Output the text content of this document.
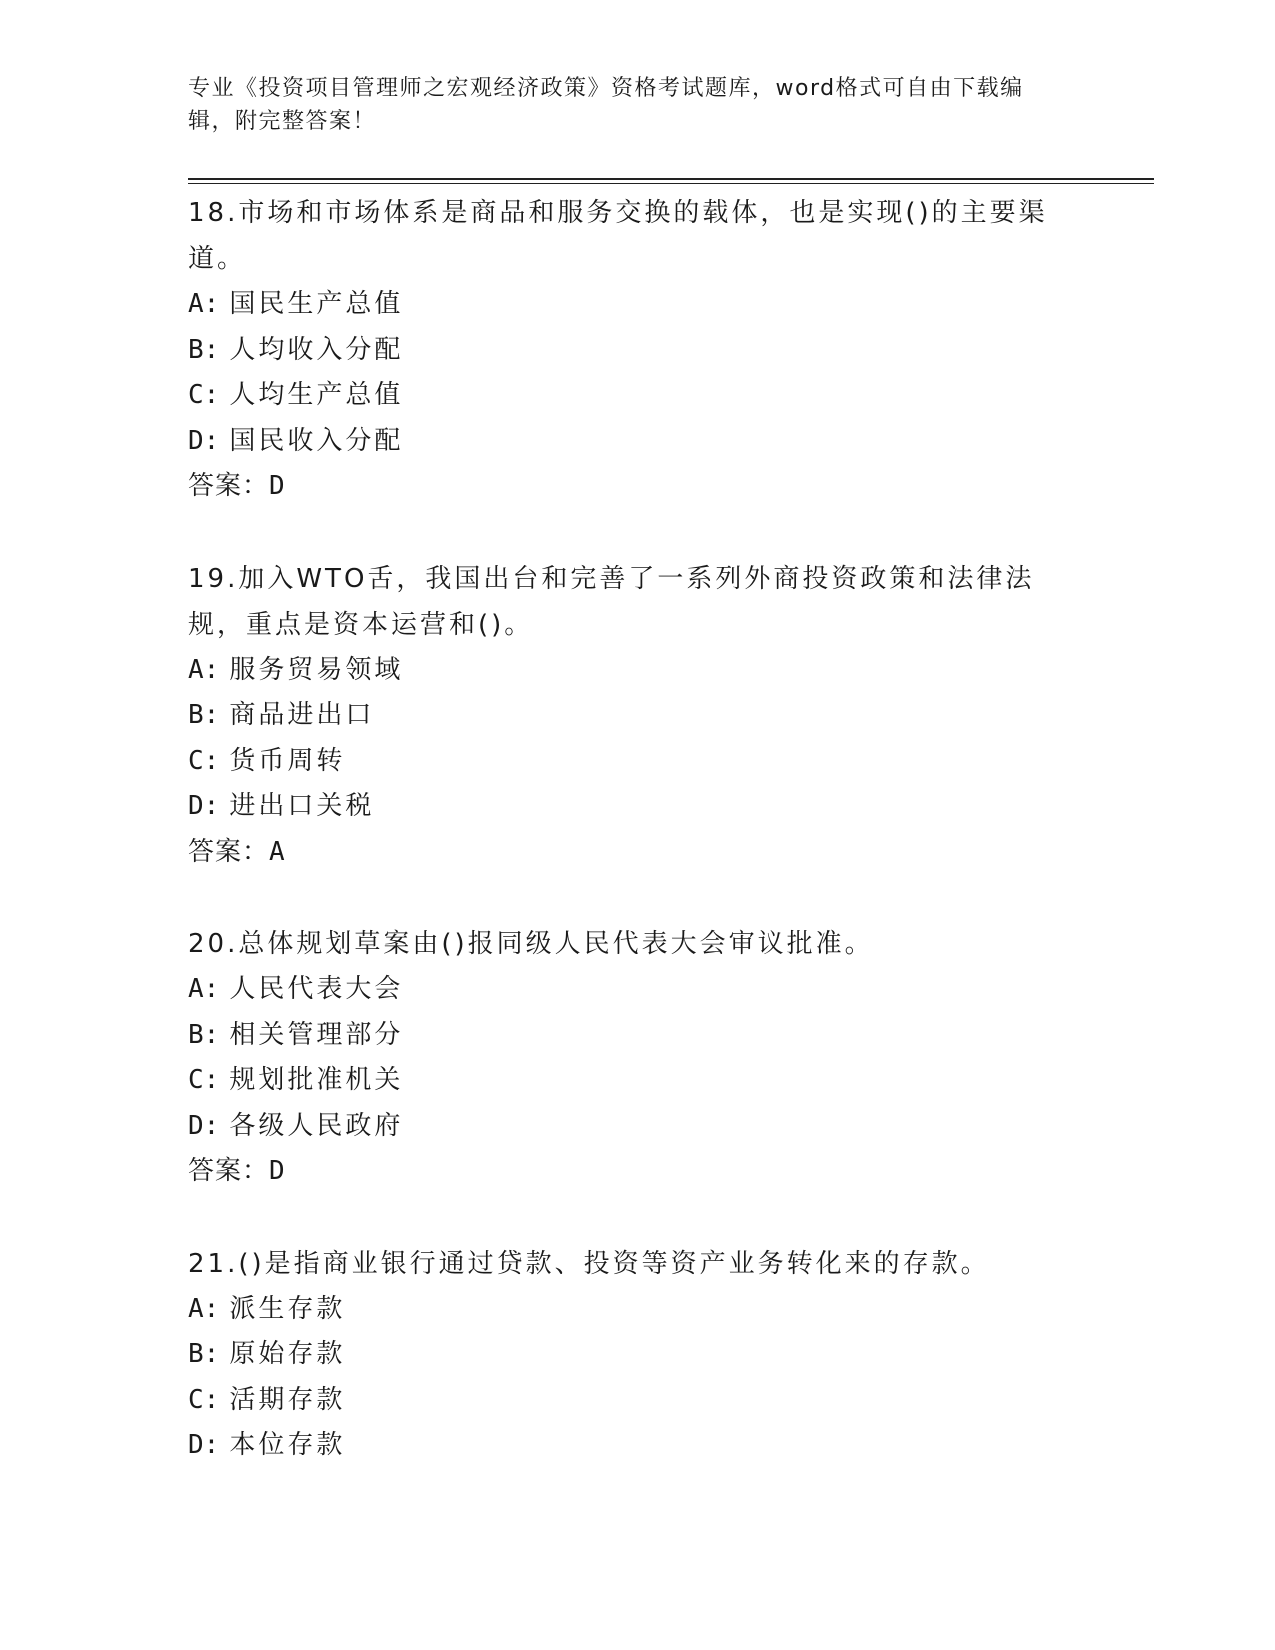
专业《投资项目管理师之宏观经济政策》资格考试题库，word格式可自由下载编辑，附完整答案！

18.市场和市场体系是商品和服务交换的载体，也是实现()的主要渠道。

A: 国民生产总值

B: 人均收入分配

C: 人均生产总值

D: 国民收入分配

答案：D

19.加入WTO舌，我国出台和完善了一系列外商投资政策和法律法规，重点是资本运营和()。

A: 服务贸易领域

B: 商品进出口

C: 货币周转

D: 进出口关税

答案：A

20.总体规划草案由()报同级人民代表大会审议批准。

A: 人民代表大会

B: 相关管理部分

C: 规划批准机关

D: 各级人民政府

答案：D

21.()是指商业银行通过贷款、投资等资产业务转化来的存款。

A: 派生存款

B: 原始存款

C: 活期存款

D: 本位存款
